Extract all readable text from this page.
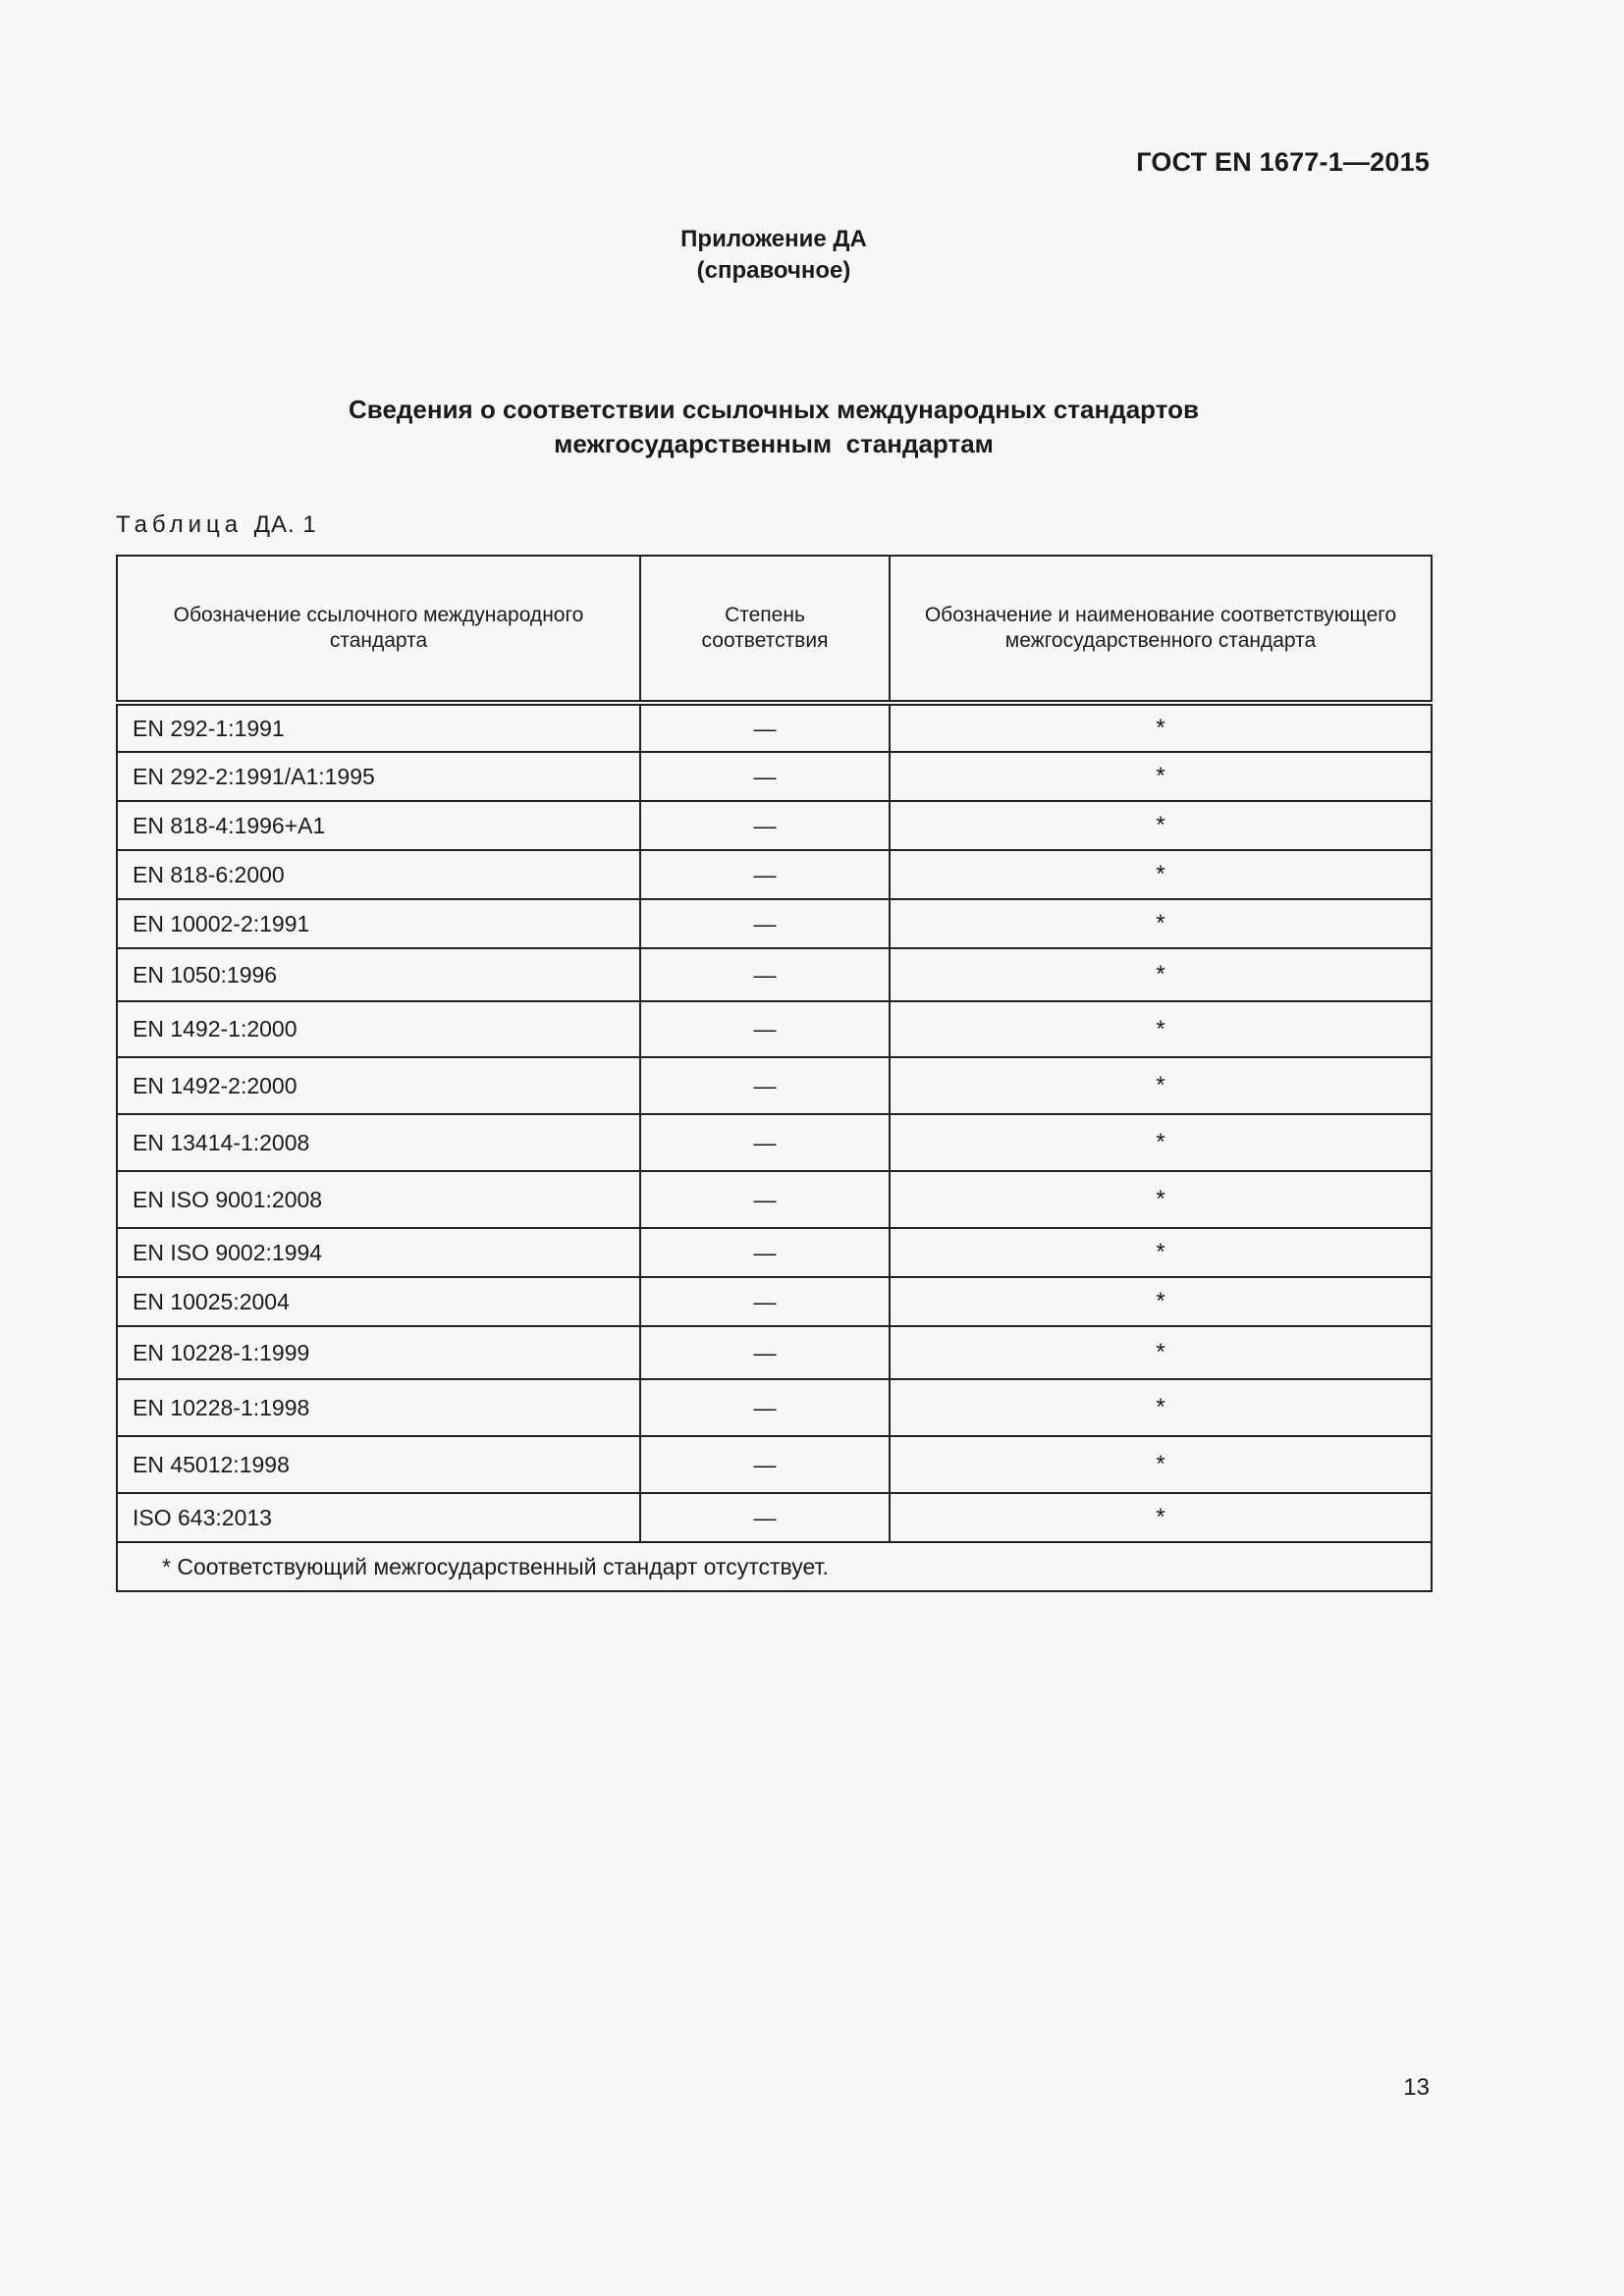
ГОСТ EN 1677-1—2015
Приложение ДА
(справочное)
Сведения о соответствии ссылочных международных стандартов
межгосударственным  стандартам
Таблица ДА. 1
Обозначение ссылочного международного стандарта	Степень соответствия	Обозначение и наименование соответствующего межгосударственного стандарта

EN 292-1:1991	—	*
EN 292-2:1991/A1:1995	—	*
EN 818-4:1996+A1	—	*
EN 818-6:2000	—	*
EN 10002-2:1991	—	*
EN 1050:1996	—	*
EN 1492-1:2000	—	*
EN 1492-2:2000	—	*
EN 13414-1:2008	—	*
EN ISO 9001:2008	—	*
EN ISO 9002:1994	—	*
EN 10025:2004	—	*
EN 10228-1:1999	—	*
EN 10228-1:1998	—	*
EN 45012:1998	—	*
ISO 643:2013	—	*
* Соответствующий межгосударственный стандарт отсутствует.		
13
